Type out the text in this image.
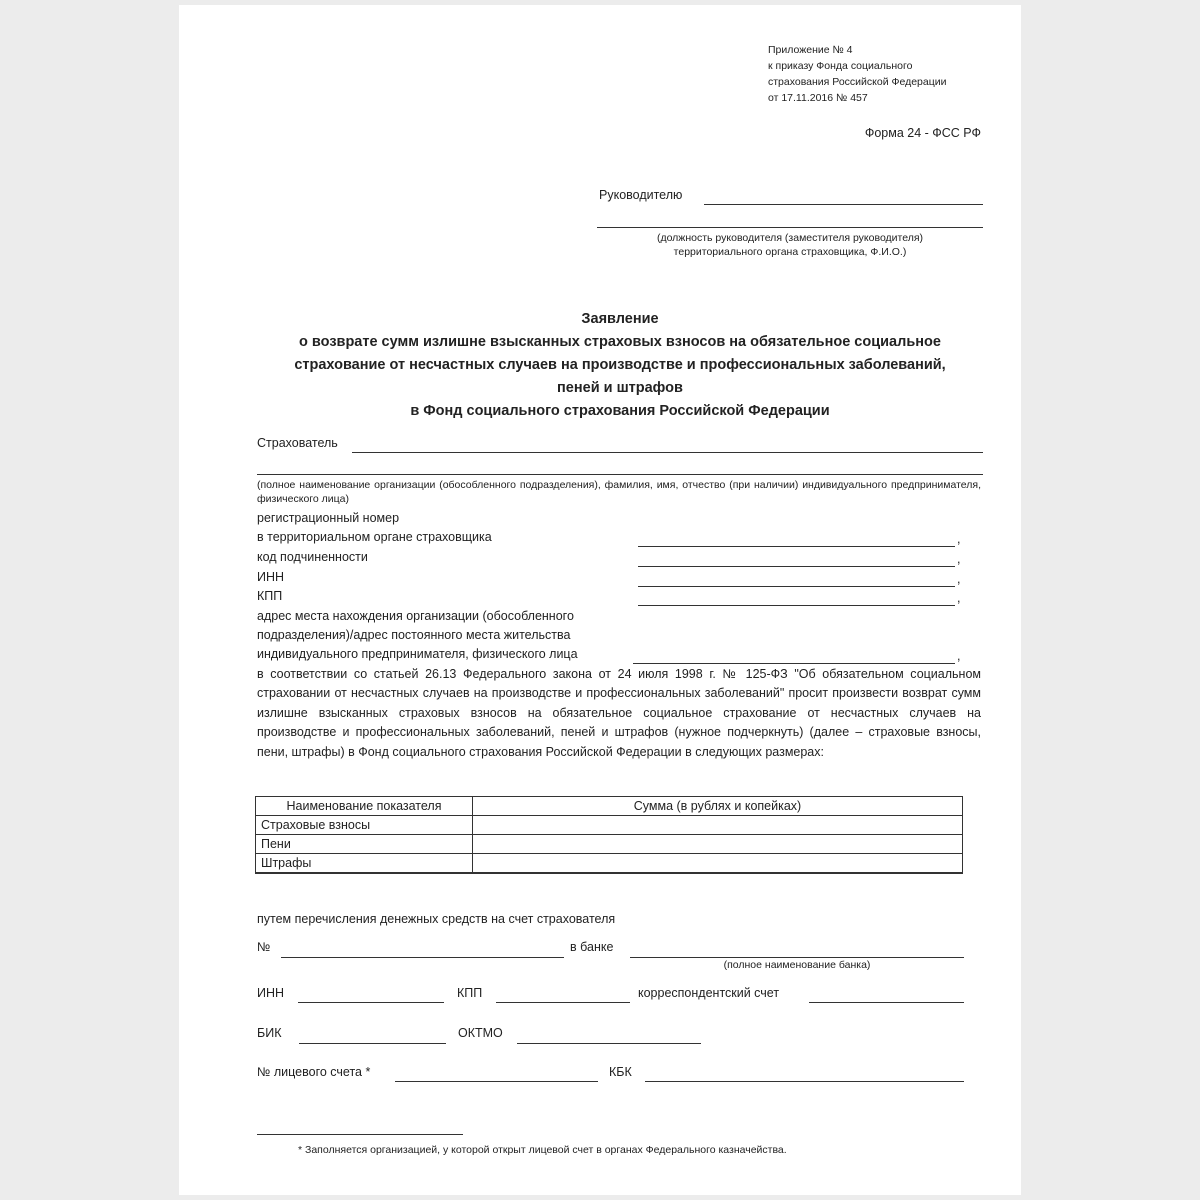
Приложение № 4
к приказу Фонда социального
страхования Российской Федерации
от 17.11.2016 № 457
Форма 24 - ФСС РФ
Руководителю
(должность руководителя (заместителя руководителя)
территориального органа страховщика, Ф.И.О.)
Заявление
о возврате сумм излишне взысканных страховых взносов на обязательное социальное
страхование от несчастных случаев на производстве и профессиональных заболеваний,
пеней и штрафов
в Фонд социального страхования Российской Федерации
Страхователь
(полное наименование организации (обособленного подразделения), фамилия, имя, отчество (при наличии) индивидуального предпринимателя, физического лица)
регистрационный номер
в территориальном органе страховщика	,
код подчиненности	,
ИНН	,
КПП	,
адрес места нахождения организации (обособленного
подразделения)/адрес постоянного места жительства
индивидуального предпринимателя, физического лица	,
в соответствии со статьей 26.13 Федерального закона от 24 июля 1998 г. № 125-ФЗ "Об обязательном социальном страховании от несчастных случаев на производстве и профессиональных заболеваний" просит произвести возврат сумм излишне взысканных страховых взносов на обязательное социальное страхование от несчастных случаев на производстве и профессиональных заболеваний, пеней и штрафов (нужное подчеркнуть) (далее – страховые взносы, пени, штрафы) в Фонд социального страхования Российской Федерации в следующих размерах:
Наименование показателя	Сумма (в рублях и копейках)
Страховые взносы	
Пени	
Штрафы	
путем перечисления денежных средств на счет страхователя
№	в банке
(полное наименование банка)
ИНН	КПП	корреспондентский счет
БИК	ОКТМО
№ лицевого счета *	КБК
* Заполняется организацией, у которой открыт лицевой счет в органах Федерального казначейства.
